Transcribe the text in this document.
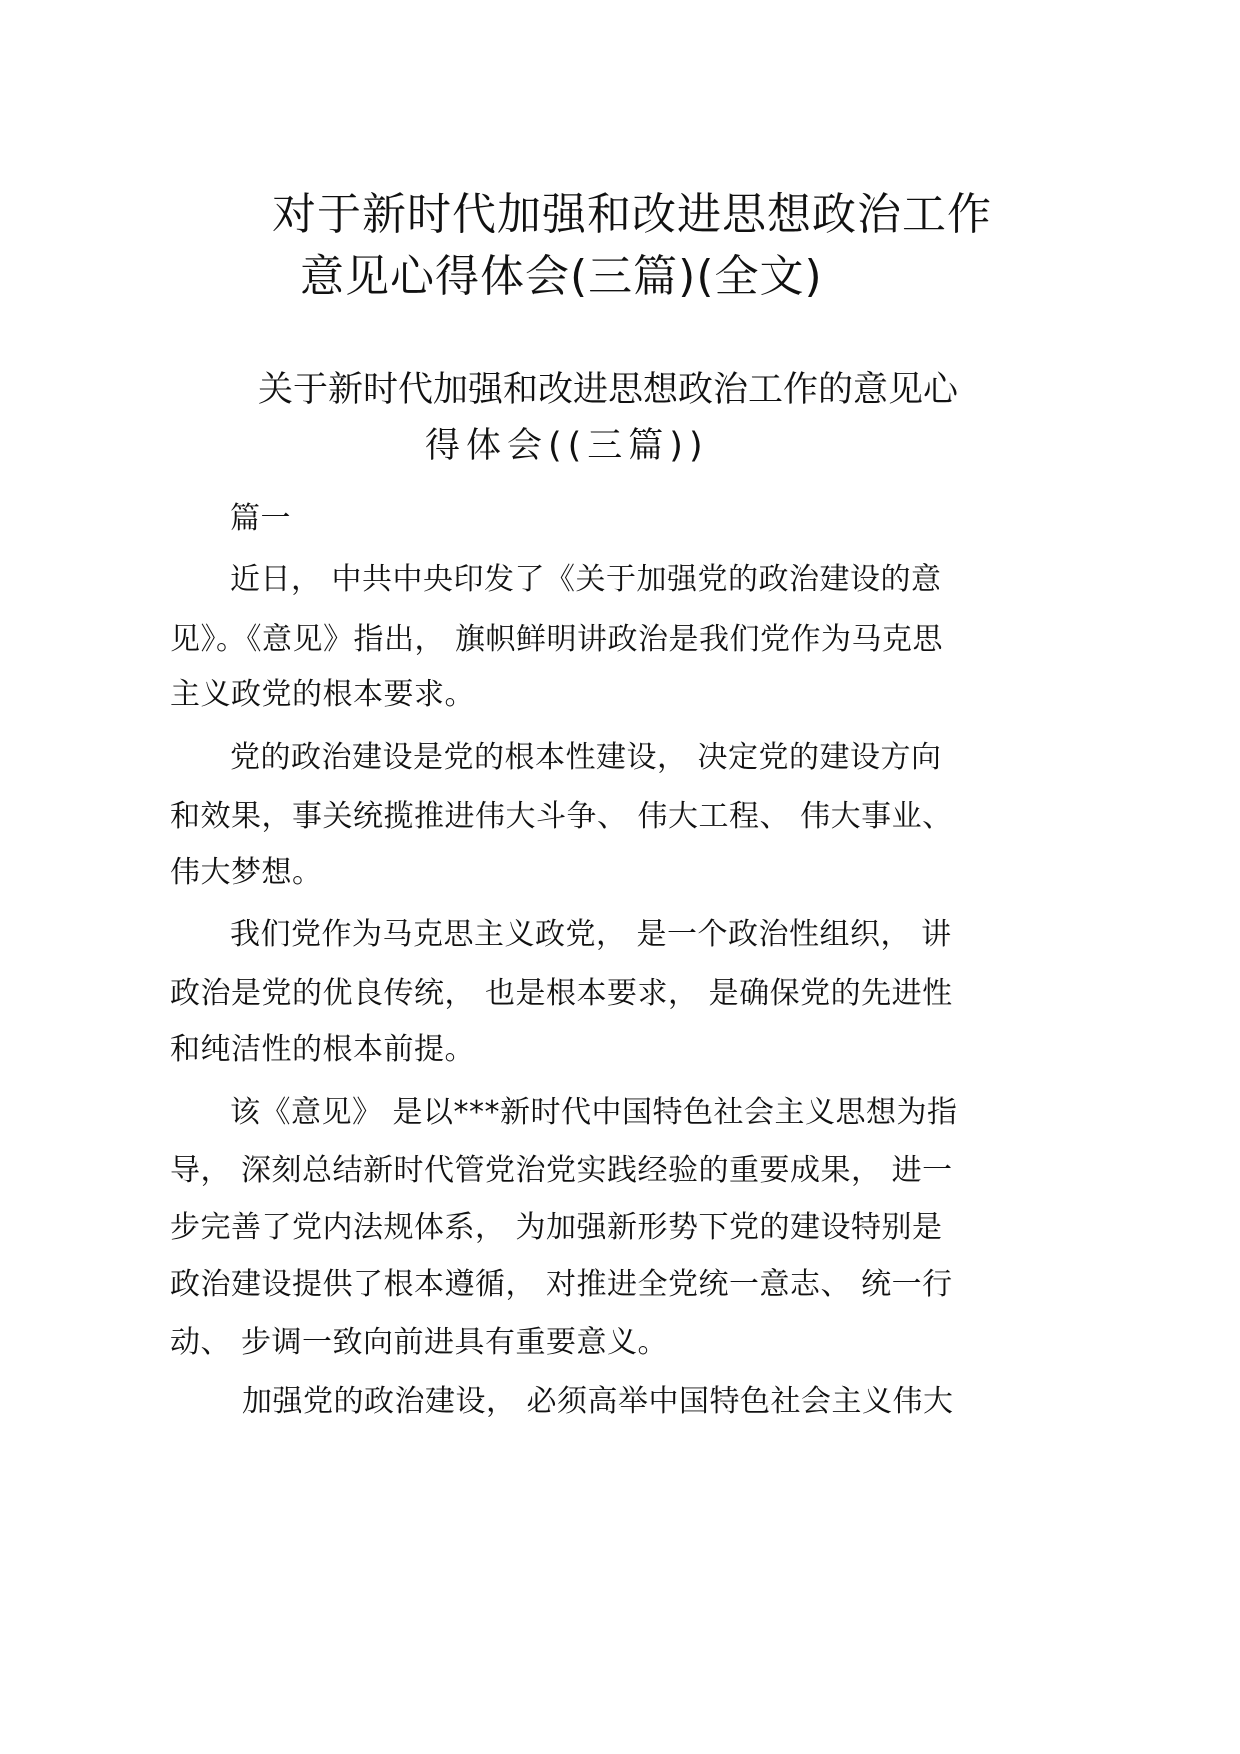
对于新时代加强和改进思想政治工作
意见心得体会(三篇)(全文)
关于新时代加强和改进思想政治工作的意见心
得体会((三篇))
篇一
近日， 中共中央印发了《关于加强党的政治建设的意
见》。《意见》指出， 旗帜鲜明讲政治是我们党作为马克思
主义政党的根本要求。
党的政治建设是党的根本性建设， 决定党的建设方向
和效果，事关统揽推进伟大斗争、 伟大工程、 伟大事业、
伟大梦想。
我们党作为马克思主义政党， 是一个政治性组织， 讲
政治是党的优良传统， 也是根本要求， 是确保党的先进性
和纯洁性的根本前提。
该《意见》 是以***新时代中国特色社会主义思想为指
导， 深刻总结新时代管党治党实践经验的重要成果， 进一
步完善了党内法规体系， 为加强新形势下党的建设特别是
政治建设提供了根本遵循， 对推进全党统一意志、 统一行
动、 步调一致向前进具有重要意义。
加强党的政治建设， 必须高举中国特色社会主义伟大
